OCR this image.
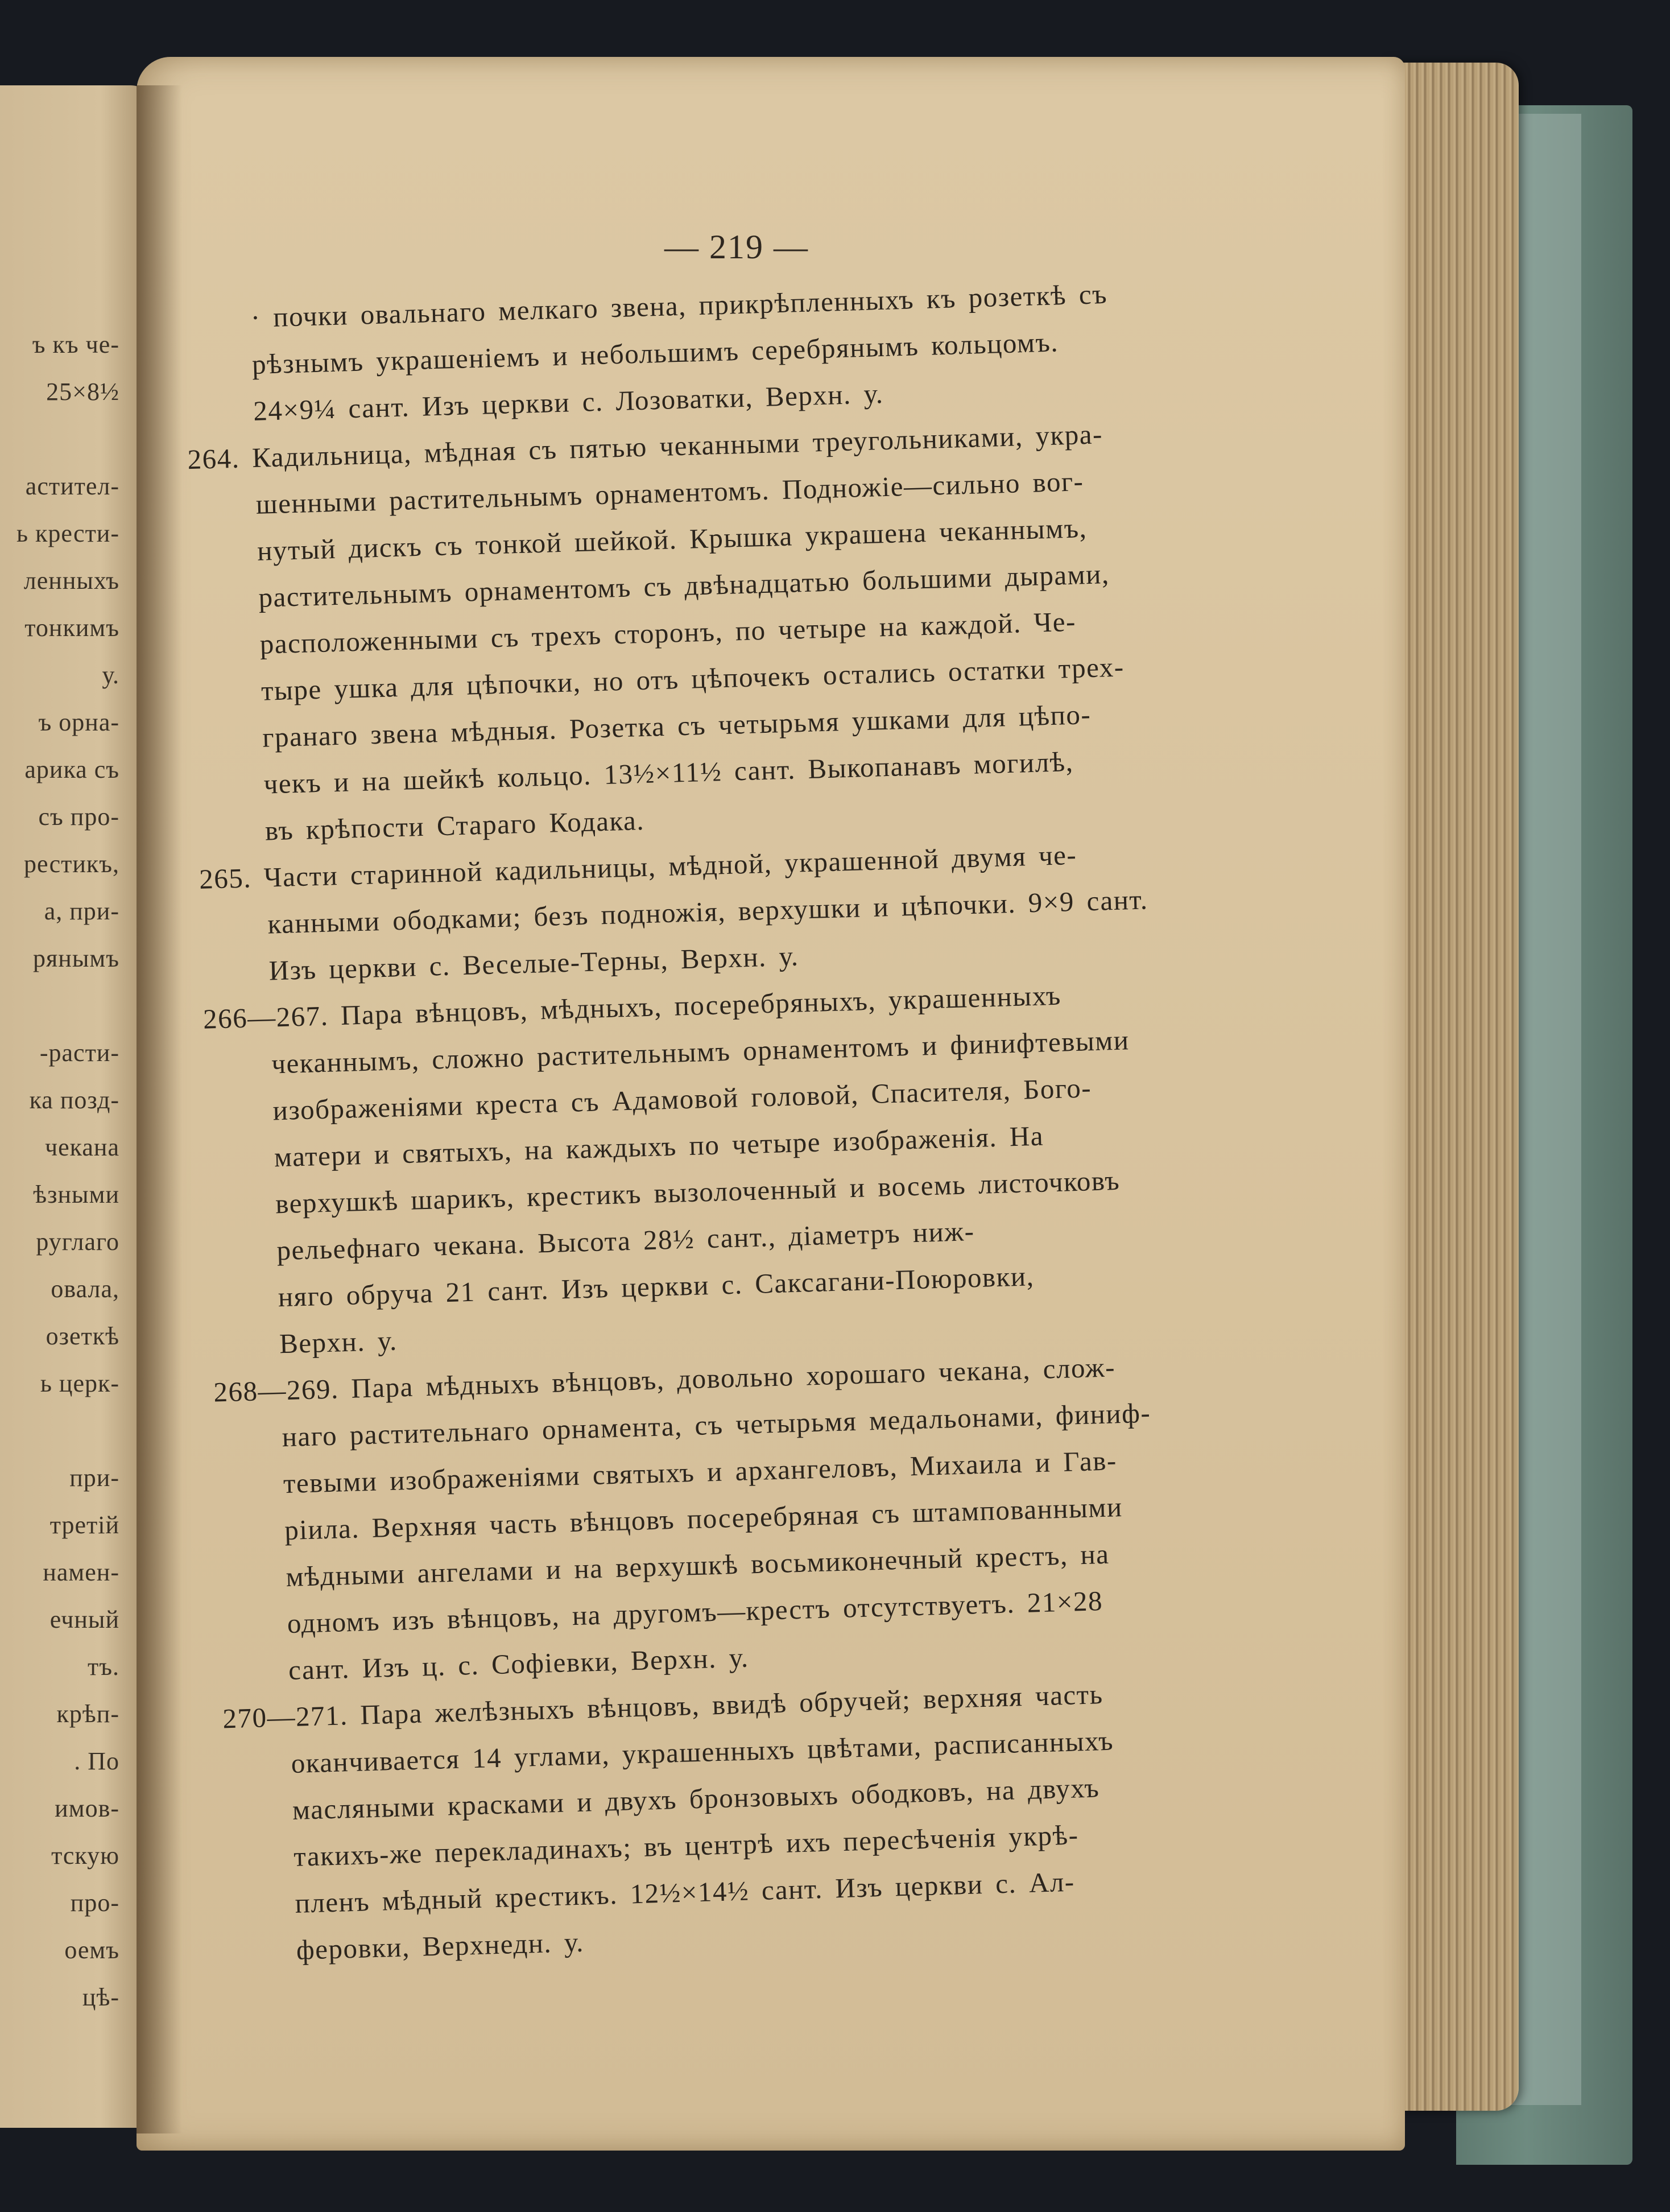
ъ къ че-
25×8½
астител-
ь крести-
ленныхъ
тонкимъ
у.
ъ орна-
арика съ
съ про-
рестикъ,
а, при-
рянымъ
-расти-
ка позд-
чекана
ѣзными
руглаго
овала,
озеткѣ
ь церк-
при-
третій
намен-
ечный
тъ.
крѣп-
. По
имов-
тскую
про-
оемъ
цѣ-
— 219 —
· почки овальнаго мелкаго звена, прикрѣпленныхъ къ розеткѣ съ
рѣзнымъ украшеніемъ и небольшимъ серебрянымъ кольцомъ.
24×9¼ сант. Изъ церкви с. Лозоватки, Верхн. у.
264. Кадильница, мѣдная съ пятью чеканными треугольниками, укра-
шенными растительнымъ орнаментомъ. Подножіе—сильно вог-
нутый дискъ съ тонкой шейкой. Крышка украшена чеканнымъ,
растительнымъ орнаментомъ съ двѣнадцатью большими дырами,
расположенными съ трехъ сторонъ, по четыре на каждой. Че-
тыре ушка для цѣпочки, но отъ цѣпочекъ остались остатки трех-
гранаго звена мѣдныя. Розетка съ четырьмя ушками для цѣпо-
чекъ и на шейкѣ кольцо. 13½×11½ сант. Выкопанавъ могилѣ,
въ крѣпости Стараго Кодака.
265. Части старинной кадильницы, мѣдной, украшенной двумя че-
канными ободками; безъ подножія, верхушки и цѣпочки. 9×9 сант.
Изъ церкви с. Веселые-Терны, Верхн. у.
266—267. Пара вѣнцовъ, мѣдныхъ, посеребряныхъ, украшенныхъ
чеканнымъ, сложно растительнымъ орнаментомъ и финифтевыми
изображеніями креста съ Адамовой головой, Спасителя, Бого-
матери и святыхъ, на каждыхъ по четыре изображенія. На
верхушкѣ шарикъ, крестикъ вызолоченный и восемь листочковъ
рельефнаго чекана. Высота 28½ сант., діаметръ ниж-
няго обруча 21 сант. Изъ церкви с. Саксагани-Поюровки,
Верхн. у.
268—269. Пара мѣдныхъ вѣнцовъ, довольно хорошаго чекана, слож-
наго растительнаго орнамента, съ четырьмя медальонами, финиф-
тевыми изображеніями святыхъ и архангеловъ, Михаила и Гав-
ріила. Верхняя часть вѣнцовъ посеребряная съ штампованными
мѣдными ангелами и на верхушкѣ восьмиконечный крестъ, на
одномъ изъ вѣнцовъ, на другомъ—крестъ отсутствуетъ. 21×28
сант. Изъ ц. с. Софіевки, Верхн. у.
270—271. Пара желѣзныхъ вѣнцовъ, ввидѣ обручей; верхняя часть
оканчивается 14 углами, украшенныхъ цвѣтами, расписанныхъ
масляными красками и двухъ бронзовыхъ ободковъ, на двухъ
такихъ-же перекладинахъ; въ центрѣ ихъ пересѣченія укрѣ-
пленъ мѣдный крестикъ. 12½×14½ сант. Изъ церкви с. Ал-
феровки, Верхнедн. у.
